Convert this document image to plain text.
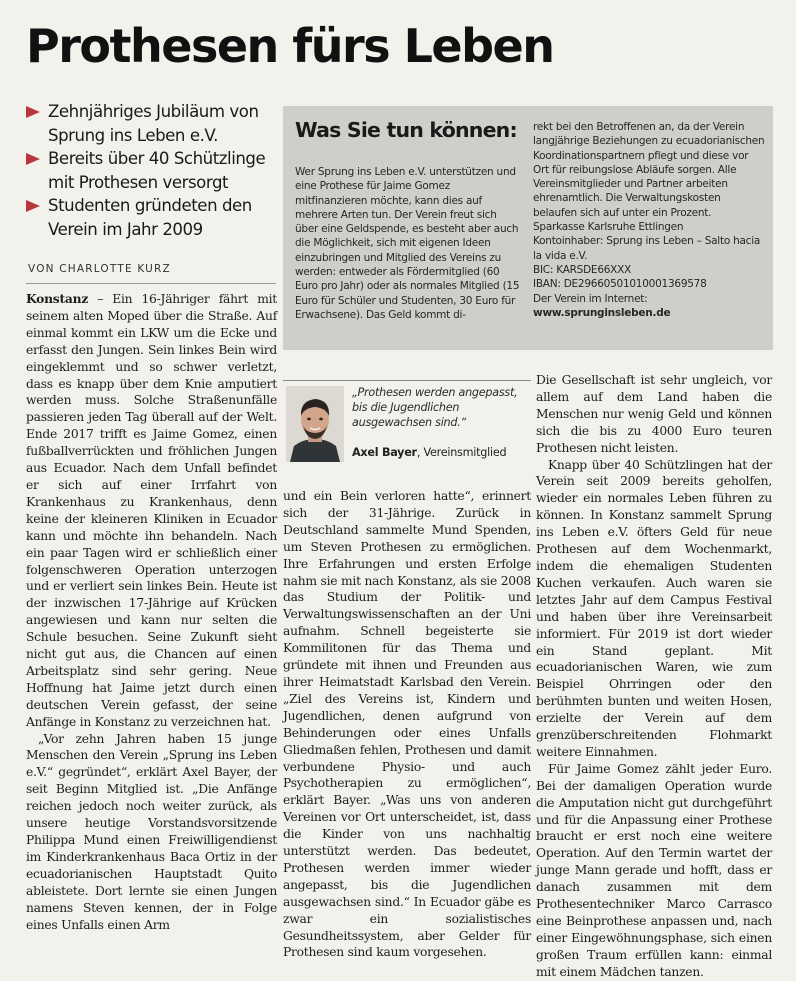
Prothesen fürs Leben
Zehnjähriges Jubiläum von Sprung ins Leben e.V.
Bereits über 40 Schützlinge mit Prothesen versorgt
Studenten gründeten den Verein im Jahr 2009
VON CHARLOTTE KURZ

Konstanz – Ein 16-Jähriger fährt mit seinem alten Moped über die Straße. Auf einmal kommt ein LKW um die Ecke und erfasst den Jungen. Sein linkes Bein wird eingeklemmt und so schwer verletzt, dass es knapp über dem Knie amputiert werden muss. Solche Straßenunfälle passieren jeden Tag überall auf der Welt. Ende 2017 trifft es Jaime Gomez, einen fußballverrückten und fröhlichen Jungen aus Ecuador. Nach dem Unfall befindet er sich auf einer Irrfahrt von Krankenhaus zu Krankenhaus, denn keine der kleineren Kliniken in Ecuador kann und möchte ihn behandeln. Nach ein paar Tagen wird er schließlich einer folgenschweren Operation unterzogen und er verliert sein linkes Bein. Heute ist der inzwischen 17-Jährige auf Krücken angewiesen und kann nur selten die Schule besuchen. Seine Zukunft sieht nicht gut aus, die Chancen auf einen Arbeitsplatz sind sehr gering. Neue Hoffnung hat Jaime jetzt durch einen deutschen Verein gefasst, der seine Anfänge in Konstanz zu verzeichnen hat.

„Vor zehn Jahren haben 15 junge Menschen den Verein „Sprung ins Leben e.V.“ gegründet“, erklärt Axel Bayer, der seit Beginn Mitglied ist. „Die Anfänge reichen jedoch noch weiter zurück, als unsere heutige Vorstandsvorsitzende Philippa Mund einen Freiwilligendienst im Kinderkrankenhaus Baca Ortiz in der ecuadorianischen Hauptstadt Quito ableistete. Dort lernte sie einen Jungen namens Steven kennen, der in Folge eines Unfalls einen Arm

Was Sie tun können:
Wer Sprung ins Leben e.V. unterstützen und eine Prothese für Jaime Gomez mitfinanzieren möchte, kann dies auf mehrere Arten tun. Der Verein freut sich über eine Geldspende, es besteht aber auch die Möglichkeit, sich mit eigenen Ideen einzubringen und Mitglied des Vereins zu werden: entweder als Fördermitglied (60 Euro pro Jahr) oder als normales Mitglied (15 Euro für Schüler und Studenten, 30 Euro für Erwachsene). Das Geld kommt di-
rekt bei den Betroffenen an, da der Verein langjährige Beziehungen zu ecuadorianischen Koordinationspartnern pflegt und diese vor Ort für reibungslose Abläufe sorgen. Alle Vereinsmitglieder und Partner arbeiten ehrenamtlich. Die Verwaltungskosten belaufen sich auf unter ein Prozent.
Sparkasse Karlsruhe Ettlingen
Kontoinhaber: Sprung ins Leben – Salto hacia la vida e.V.
BIC: KARSDE66XXX
IBAN: DE29660501010001369578
Der Verein im Internet:
www.sprunginsleben.de

„Prothesen werden angepasst, bis die Jugendlichen ausgewachsen sind.“

Axel Bayer, Vereinsmitglied

und ein Bein verloren hatte“, erinnert sich der 31-Jährige. Zurück in Deutschland sammelte Mund Spenden, um Steven Prothesen zu ermöglichen. Ihre Erfahrungen und ersten Erfolge nahm sie mit nach Konstanz, als sie 2008 das Studium der Politik- und Verwaltungswissenschaften an der Uni aufnahm. Schnell begeisterte sie Kommilitonen für das Thema und gründete mit ihnen und Freunden aus ihrer Heimatstadt Karlsbad den Verein. „Ziel des Vereins ist, Kindern und Jugendlichen, denen aufgrund von Behinderungen oder eines Unfalls Gliedmaßen fehlen, Prothesen und damit verbundene Physio- und auch Psychotherapien zu ermöglichen“, erklärt Bayer. „Was uns von anderen Vereinen vor Ort unterscheidet, ist, dass die Kinder von uns nachhaltig unterstützt werden. Das bedeutet, Prothesen werden immer wieder angepasst, bis die Jugendlichen ausgewachsen sind.“ In Ecuador gäbe es zwar ein sozialistisches Gesundheitssystem, aber Gelder für Prothesen sind kaum vorgesehen.

Die Gesellschaft ist sehr ungleich, vor allem auf dem Land haben die Menschen nur wenig Geld und können sich die bis zu 4000 Euro teuren Prothesen nicht leisten.

Knapp über 40 Schützlingen hat der Verein seit 2009 bereits geholfen, wieder ein normales Leben führen zu können. In Konstanz sammelt Sprung ins Leben e.V. öfters Geld für neue Prothesen auf dem Wochenmarkt, indem die ehemaligen Studenten Kuchen verkaufen. Auch waren sie letztes Jahr auf dem Campus Festival und haben über ihre Vereinsarbeit informiert. Für 2019 ist dort wieder ein Stand geplant. Mit ecuadorianischen Waren, wie zum Beispiel Ohrringen oder den berühmten bunten und weiten Hosen, erzielte der Verein auf dem grenzüberschreitenden Flohmarkt weitere Einnahmen.

Für Jaime Gomez zählt jeder Euro. Bei der damaligen Operation wurde die Amputation nicht gut durchgeführt und für die Anpassung einer Prothese braucht er erst noch eine weitere Operation. Auf den Termin wartet der junge Mann gerade und hofft, dass er danach zusammen mit dem Prothesentechniker Marco Carrasco eine Beinprothese anpassen und, nach einer Eingewöhnungsphase, sich einen großen Traum erfüllen kann: einmal mit einem Mädchen tanzen.
